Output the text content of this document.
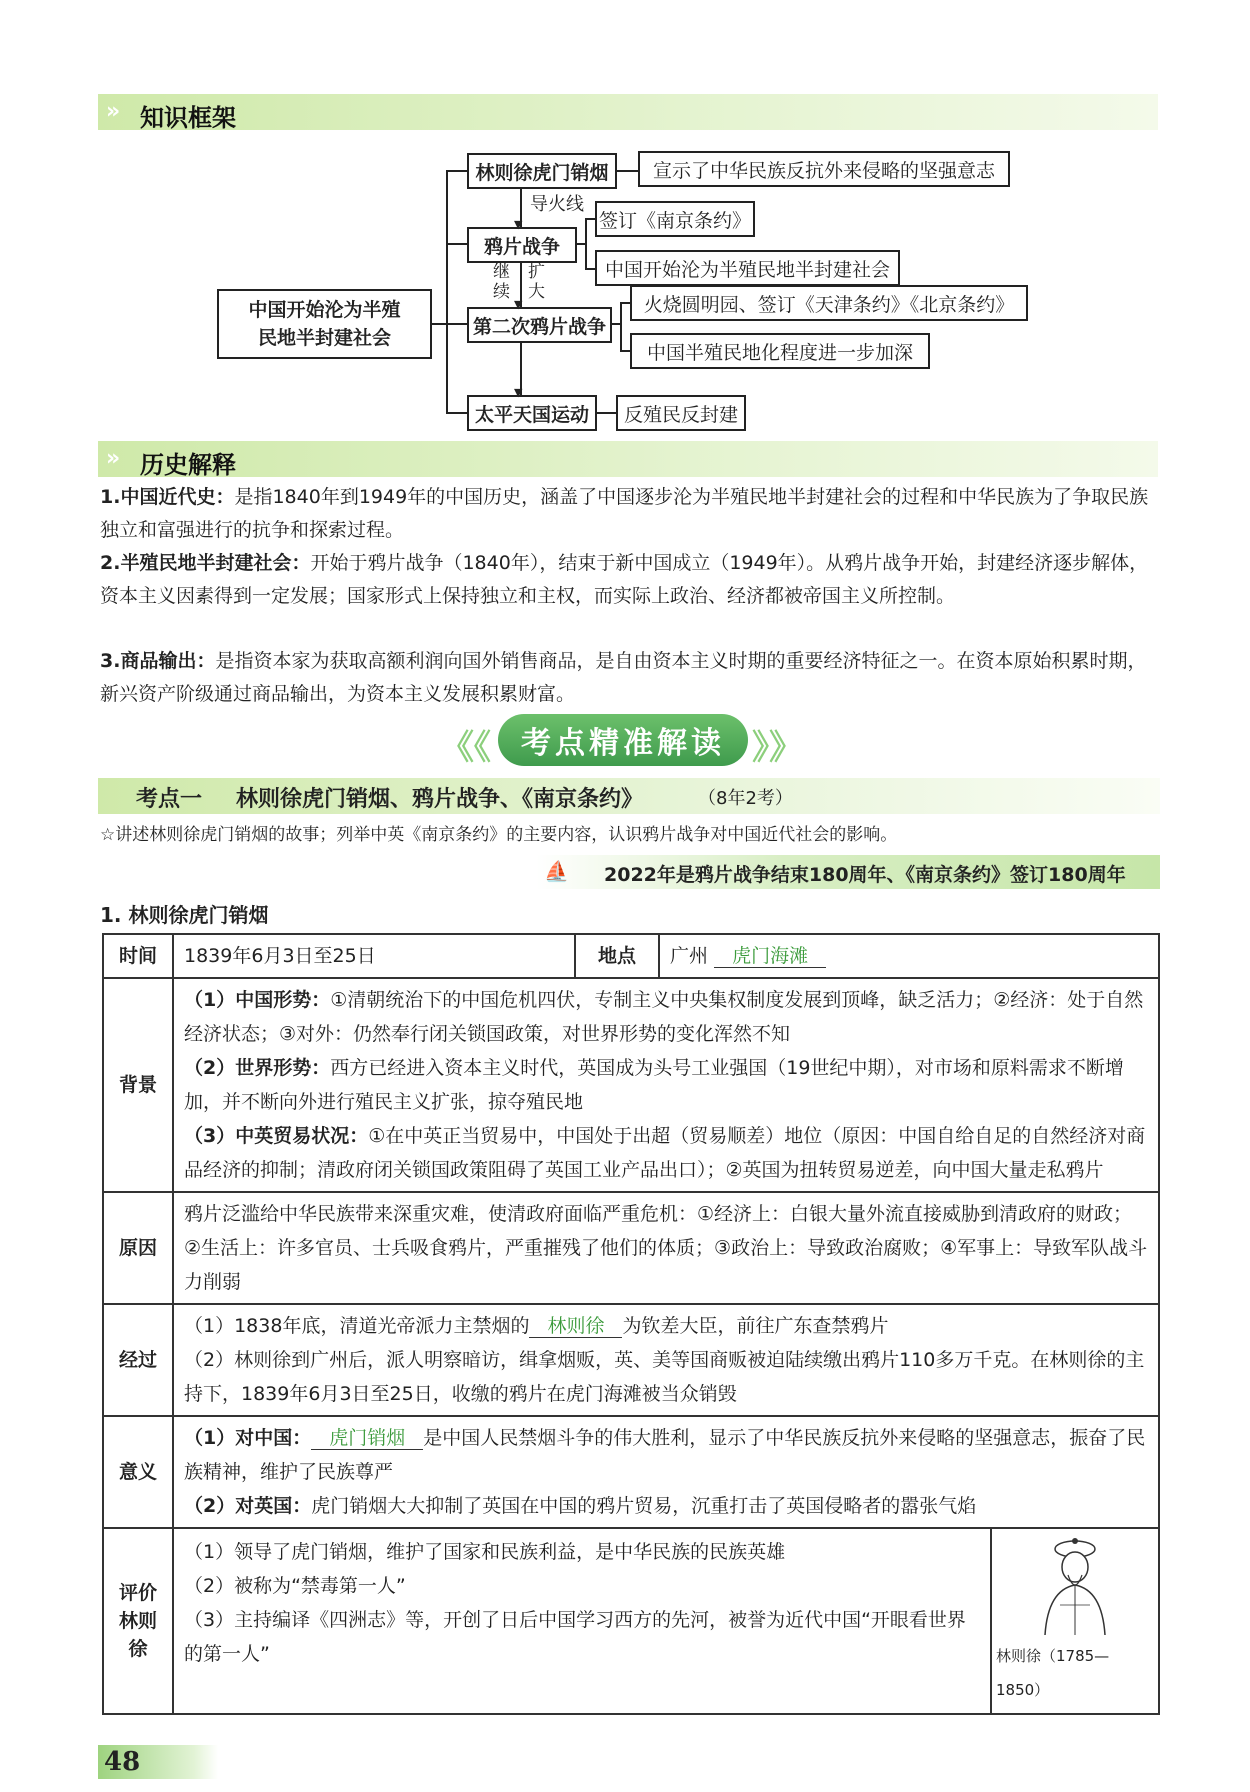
» 知识框架
中国开始沦为半殖民地半封建社会
林则徐虎门销烟
鸦片战争
第二次鸦片战争
太平天国运动
▼
导火线
▼
继续
扩大
▼
宣示了中华民族反抗外来侵略的坚强意志
签订《南京条约》
中国开始沦为半殖民地半封建社会
火烧圆明园、签订《天津条约》《北京条约》
中国半殖民地化程度进一步加深
反殖民反封建
» 历史解释
1.中国近代史：是指1840年到1949年的中国历史，涵盖了中国逐步沦为半殖民地半封建社会的过程和中华民族为了争取民族独立和富强进行的抗争和探索过程。
2.半殖民地半封建社会：开始于鸦片战争（1840年），结束于新中国成立（1949年）。从鸦片战争开始，封建经济逐步解体，资本主义因素得到一定发展；国家形式上保持独立和主权，而实际上政治、经济都被帝国主义所控制。
3.商品输出：是指资本家为获取高额利润向国外销售商品，是自由资本主义时期的重要经济特征之一。在资本原始积累时期，新兴资产阶级通过商品输出，为资本主义发展积累财富。
《《	考点精准解读 》》
考点一 林则徐虎门销烟、鸦片战争、《南京条约》	（8年2考）
☆讲述林则徐虎门销烟的故事；列举中英《南京条约》的主要内容，认识鸦片战争对中国近代社会的影响。
⛵ 2022年是鸦片战争结束180周年、《南京条约》签订180周年
1. 林则徐虎门销烟
时间	1839年6月3日至25日	地点	广州 虎门海滩
背景	（1）中国形势：①清朝统治下的中国危机四伏，专制主义中央集权制度发展到顶峰，缺乏活力；②经济：处于自然经济状态；③对外：仍然奉行闭关锁国政策，对世界形势的变化浑然不知
（2）世界形势：西方已经进入资本主义时代，英国成为头号工业强国（19世纪中期），对市场和原料需求不断增加，并不断向外进行殖民主义扩张，掠夺殖民地
（3）中英贸易状况：①在中英正当贸易中，中国处于出超（贸易顺差）地位（原因：中国自给自足的自然经济对商品经济的抑制；清政府闭关锁国政策阻碍了英国工业产品出口）；②英国为扭转贸易逆差，向中国大量走私鸦片		

原因	鸦片泛滥给中华民族带来深重灾难，使清政府面临严重危机：①经济上：白银大量外流直接威胁到清政府的财政；②生活上：许多官员、士兵吸食鸦片，严重摧残了他们的体质；③政治上：导致政治腐败；④军事上：导致军队战斗力削弱		
经过	（1）1838年底，清道光帝派力主禁烟的 林则徐 为钦差大臣，前往广东查禁鸦片
（2）林则徐到广州后，派人明察暗访，缉拿烟贩，英、美等国商贩被迫陆续缴出鸦片110多万千克。在林则徐的主持下，1839年6月3日至25日，收缴的鸦片在虎门海滩被当众销毁		

意义	（1）对中国： 虎门销烟 是中国人民禁烟斗争的伟大胜利，显示了中华民族反抗外来侵略的坚强意志，振奋了民族精神，维护了民族尊严
（2）对英国：虎门销烟大大抑制了英国在中国的鸦片贸易，沉重打击了英国侵略者的嚣张气焰		

评价林则徐	（1）领导了虎门销烟，维护了国家和民族利益，是中华民族的民族英雄
（2）被称为“禁毒第一人”
（3）主持编译《四洲志》等，开创了日后中国学习西方的先河，被誉为近代中国“开眼看世界的第一人” 林则徐（1785—1850）		
48
